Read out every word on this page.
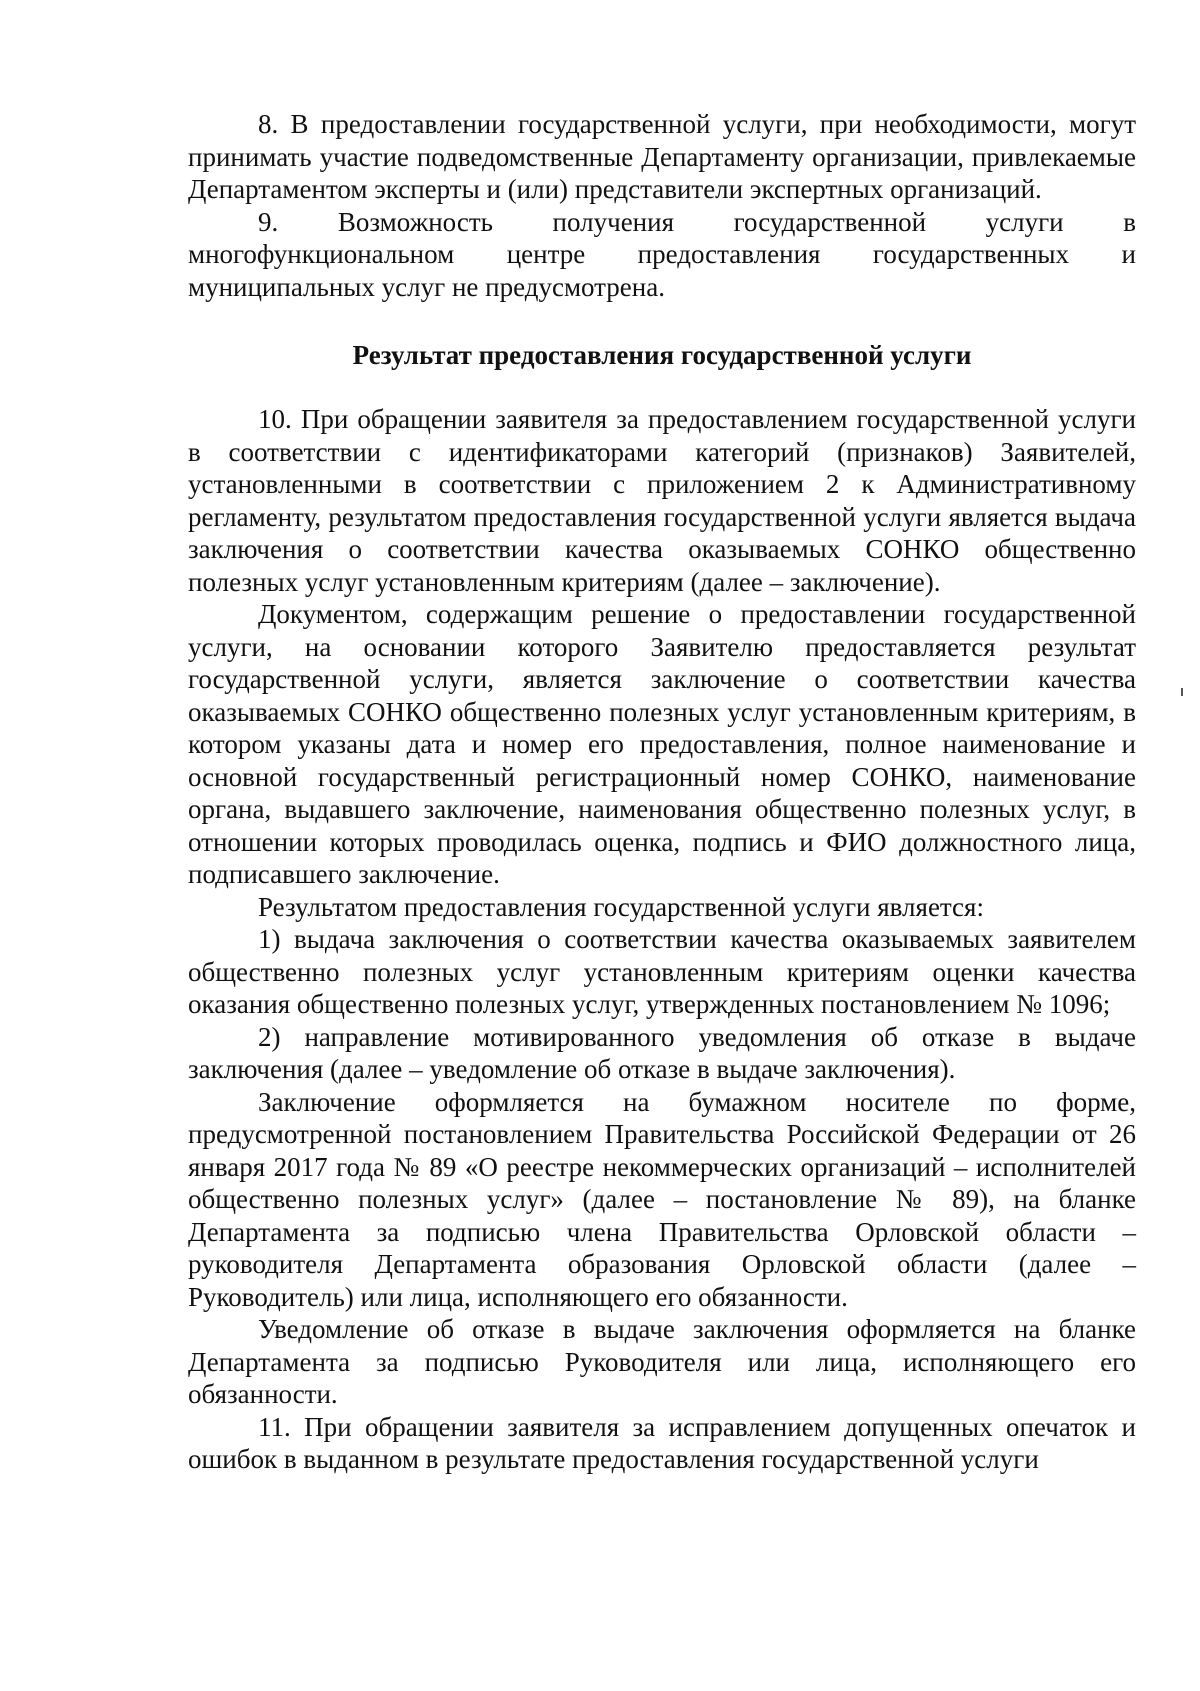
8. В предоставлении государственной услуги, при необходимости, могут принимать участие подведомственные Департаменту организации, привлекаемые Департаментом эксперты и (или) представители экспертных организаций.

9. Возможность получения государственной услуги в многофункциональном центре предоставления государственных и муниципальных услуг не предусмотрена.

Результат предоставления государственной услуги

10. При обращении заявителя за предоставлением государственной услуги в соответствии с идентификаторами категорий (признаков) Заявителей, установленными в соответствии с приложением 2 к Административному регламенту, результатом предоставления государственной услуги является выдача заключения о соответствии качества оказываемых СОНКО общественно полезных услуг установленным критериям (далее – заключение).

Документом, содержащим решение о предоставлении государственной услуги, на основании которого Заявителю предоставляется результат государственной услуги, является заключение о соответствии качества оказываемых СОНКО общественно полезных услуг установленным критериям, в котором указаны дата и номер его предоставления, полное наименование и основной государственный регистрационный номер СОНКО, наименование органа, выдавшего заключение, наименования общественно полезных услуг, в отношении которых проводилась оценка, подпись и ФИО должностного лица, подписавшего заключение.

Результатом предоставления государственной услуги является:

1) выдача заключения о соответствии качества оказываемых заявителем общественно полезных услуг установленным критериям оценки качества оказания общественно полезных услуг, утвержденных постановлением № 1096;

2) направление мотивированного уведомления об отказе в выдаче заключения (далее – уведомление об отказе в выдаче заключения).

Заключение оформляется на бумажном носителе по форме, предусмотренной постановлением Правительства Российской Федерации от 26 января 2017 года № 89 «О реестре некоммерческих организаций – исполнителей общественно полезных услуг» (далее – постановление № 89), на бланке Департамента за подписью члена Правительства Орловской области – руководителя Департамента образования Орловской области (далее – Руководитель) или лица, исполняющего его обязанности.

Уведомление об отказе в выдаче заключения оформляется на бланке Департамента за подписью Руководителя или лица, исполняющего его обязанности.

11. При обращении заявителя за исправлением допущенных опечаток и ошибок в выданном в результате предоставления государственной услуги
